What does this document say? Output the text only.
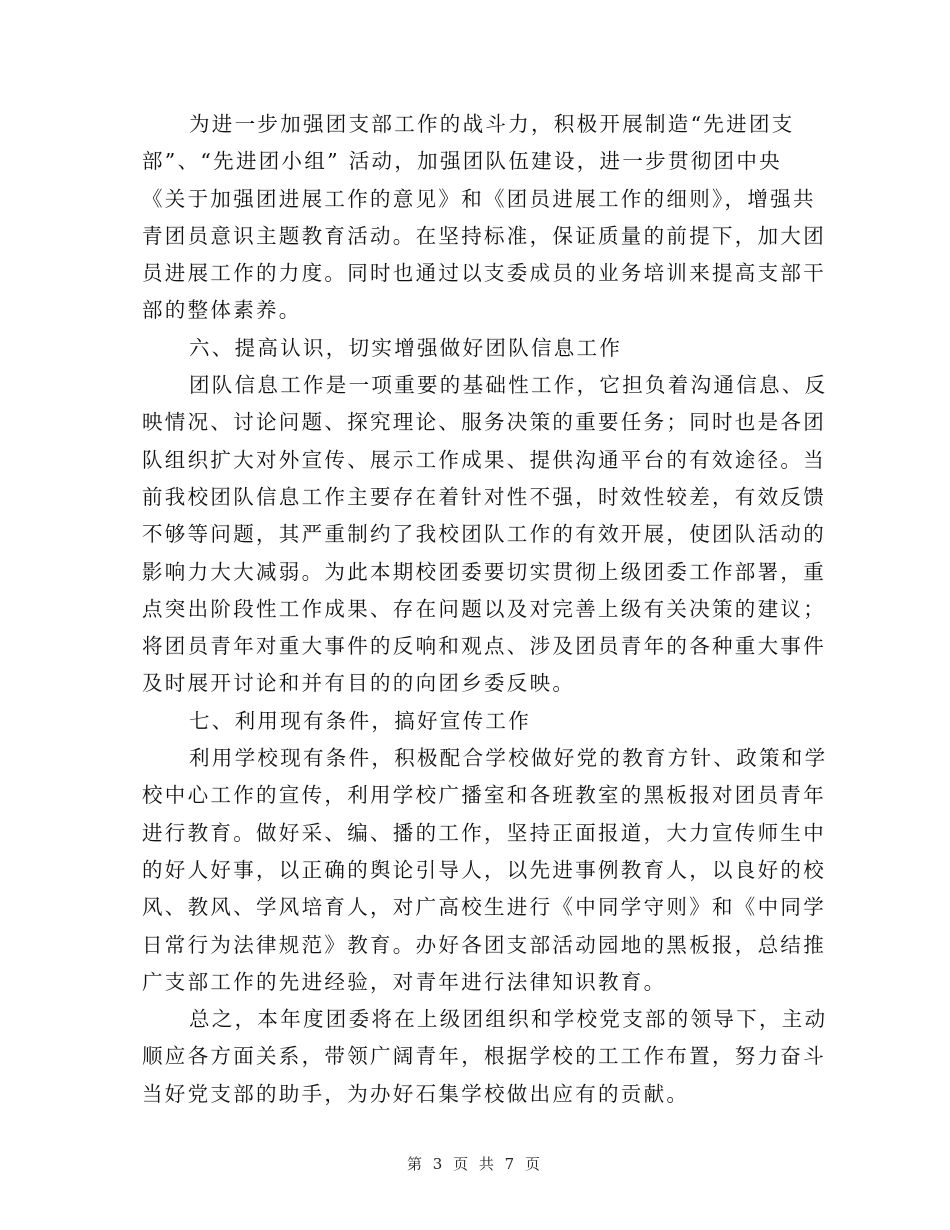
为进一步加强团支部工作的战斗力，积极开展制造“先进团支
部”、“先进团小组” 活动，加强团队伍建设，进一步贯彻团中央
《关于加强团进展工作的意见》和《团员进展工作的细则》，增强共
青团员意识主题教育活动。在坚持标准，保证质量的前提下，加大团
员进展工作的力度。同时也通过以支委成员的业务培训来提高支部干
部的整体素养。
六、提高认识，切实增强做好团队信息工作
团队信息工作是一项重要的基础性工作，它担负着沟通信息、反
映情况、讨论问题、探究理论、服务决策的重要任务；同时也是各团
队组织扩大对外宣传、展示工作成果、提供沟通平台的有效途径。当
前我校团队信息工作主要存在着针对性不强，时效性较差，有效反馈
不够等问题，其严重制约了我校团队工作的有效开展，使团队活动的
影响力大大减弱。为此本期校团委要切实贯彻上级团委工作部署，重
点突出阶段性工作成果、存在问题以及对完善上级有关决策的建议；
将团员青年对重大事件的反响和观点、涉及团员青年的各种重大事件
及时展开讨论和并有目的的向团乡委反映。
七、利用现有条件，搞好宣传工作
利用学校现有条件，积极配合学校做好党的教育方针、政策和学
校中心工作的宣传，利用学校广播室和各班教室的黑板报对团员青年
进行教育。做好采、编、播的工作，坚持正面报道，大力宣传师生中
的好人好事，以正确的舆论引导人，以先进事例教育人，以良好的校
风、教风、学风培育人，对广高校生进行《中同学守则》和《中同学
日常行为法律规范》教育。办好各团支部活动园地的黑板报，总结推
广支部工作的先进经验，对青年进行法律知识教育。
总之，本年度团委将在上级团组织和学校党支部的领导下，主动
顺应各方面关系，带领广阔青年，根据学校的工工作布置，努力奋斗
当好党支部的助手，为办好石集学校做出应有的贡献。
第 3 页 共 7 页
